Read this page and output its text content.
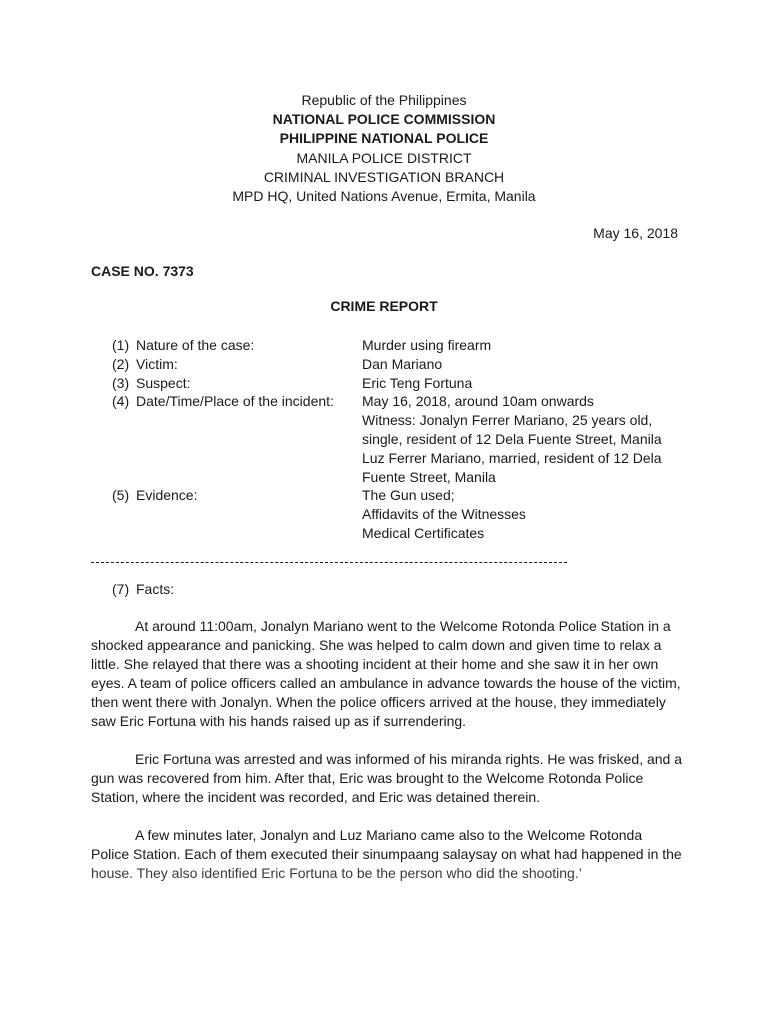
Republic of the Philippines
NATIONAL POLICE COMMISSION
PHILIPPINE NATIONAL POLICE
MANILA POLICE DISTRICT
CRIMINAL INVESTIGATION BRANCH
MPD HQ, United Nations Avenue, Ermita, Manila
May 16, 2018
CASE NO. 7373
CRIME REPORT
(1) Nature of the case:	Murder using firearm
(2) Victim:	Dan Mariano
(3) Suspect:	Eric Teng Fortuna
(4) Date/Time/Place of the incident:	May 16, 2018, around 10am onwards
Witness: Jonalyn Ferrer Mariano, 25 years old,
single, resident of 12 Dela Fuente Street, Manila
Luz Ferrer Mariano, married, resident of 12 Dela
Fuente Street, Manila
(5) Evidence:	The Gun used;
Affidavits of the Witnesses
Medical Certificates
(7) Facts:
At around 11:00am, Jonalyn Mariano went to the Welcome Rotonda Police Station in a
shocked appearance and panicking. She was helped to calm down and given time to relax a
little. She relayed that there was a shooting incident at their home and she saw it in her own
eyes. A team of police officers called an ambulance in advance towards the house of the victim,
then went there with Jonalyn. When the police officers arrived at the house, they immediately
saw Eric Fortuna with his hands raised up as if surrendering.
Eric Fortuna was arrested and was informed of his miranda rights. He was frisked, and a
gun was recovered from him. After that, Eric was brought to the Welcome Rotonda Police
Station, where the incident was recorded, and Eric was detained therein.
A few minutes later, Jonalyn and Luz Mariano came also to the Welcome Rotonda
Police Station. Each of them executed their sinumpaang salaysay on what had happened in the
house. They also identified Eric Fortuna to be the person who did the shooting.’
